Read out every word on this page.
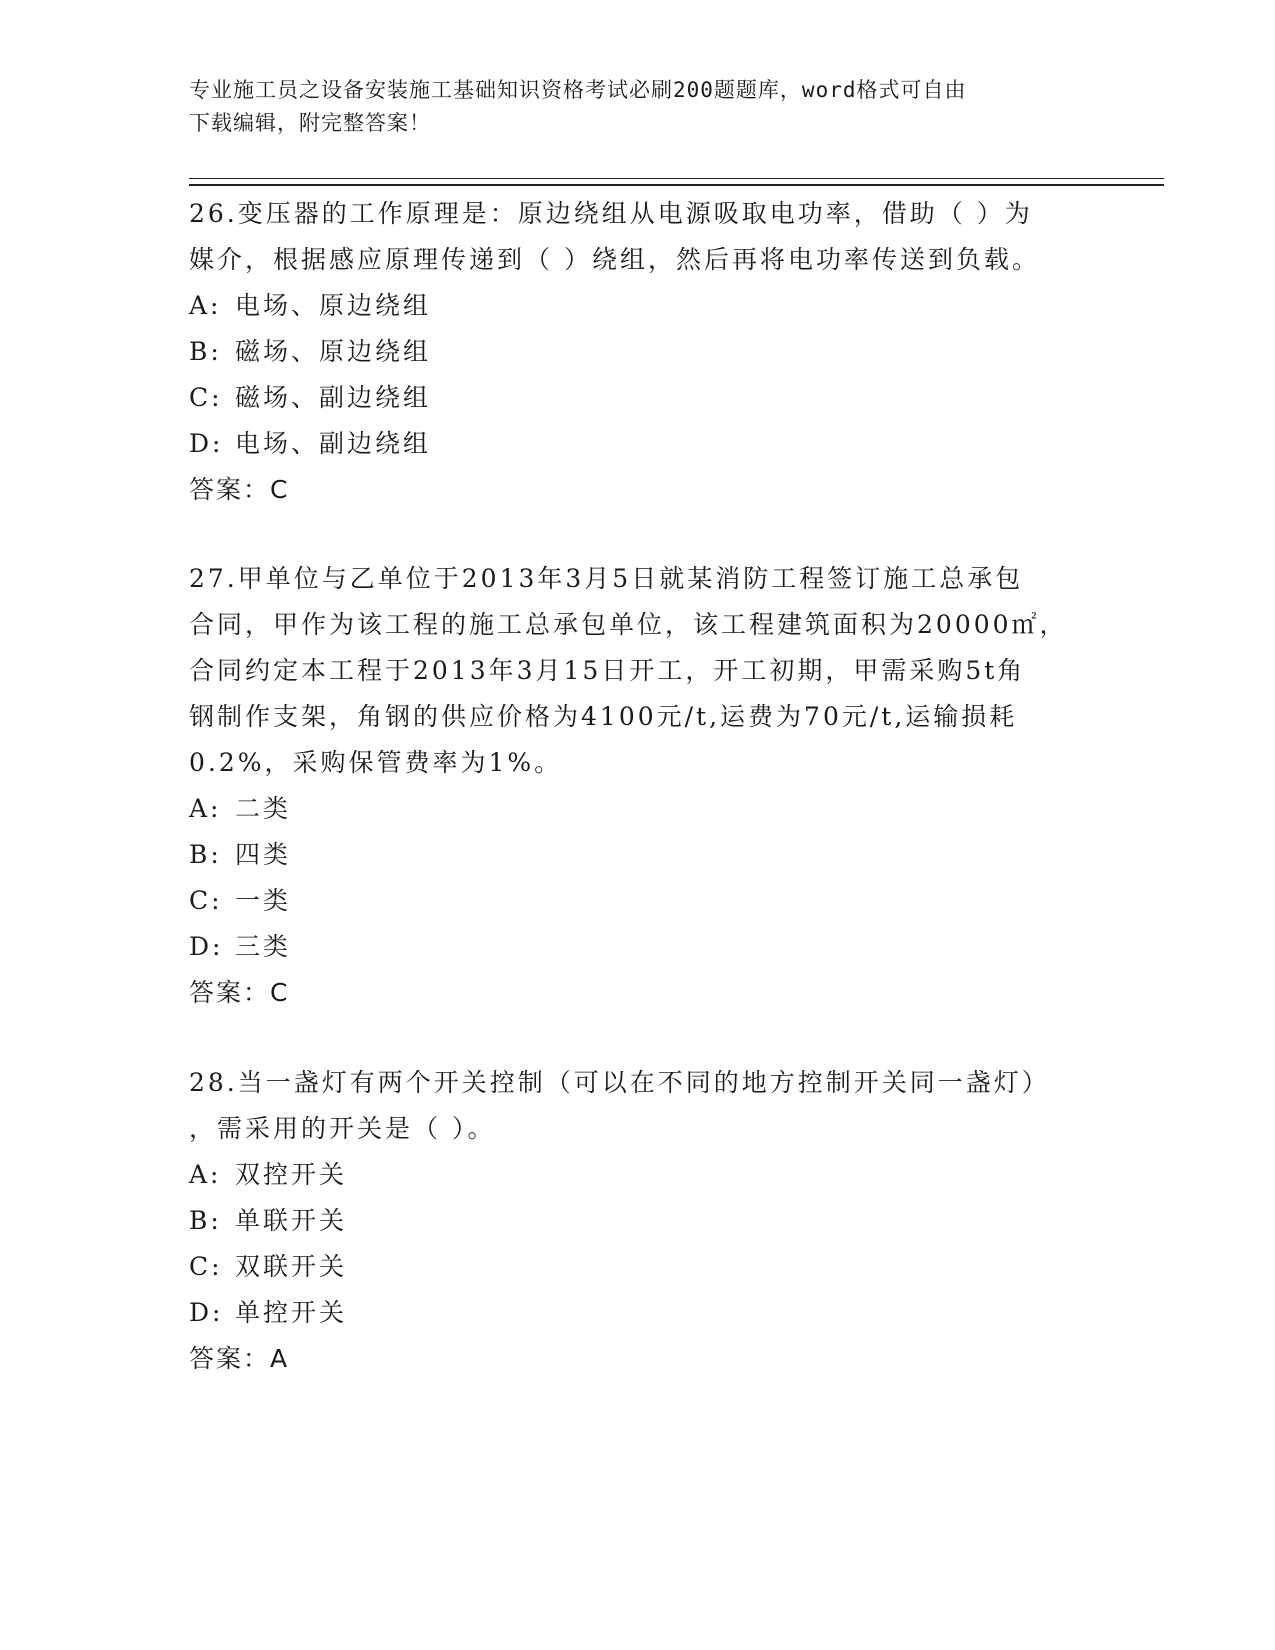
专业施工员之设备安装施工基础知识资格考试必刷200题题库，word格式可自由
下载编辑，附完整答案！

26.变压器的工作原理是：原边绕组从电源吸取电功率，借助（ ）为

媒介，根据感应原理传递到（ ）绕组，然后再将电功率传送到负载。

A: 电场、原边绕组

B: 磁场、原边绕组

C: 磁场、副边绕组

D: 电场、副边绕组

答案：C

27.甲单位与乙单位于2013年3月5日就某消防工程签订施工总承包

合同，甲作为该工程的施工总承包单位，该工程建筑面积为20000㎡，

合同约定本工程于2013年3月15日开工，开工初期，甲需采购5t角

钢制作支架，角钢的供应价格为4100元/t,运费为70元/t,运输损耗

0.2%，采购保管费率为1%。

A: 二类

B: 四类

C: 一类

D: 三类

答案：C

28.当一盏灯有两个开关控制（可以在不同的地方控制开关同一盏灯）

，需采用的开关是（ ）。

A: 双控开关

B: 单联开关

C: 双联开关

D: 单控开关

答案：A
